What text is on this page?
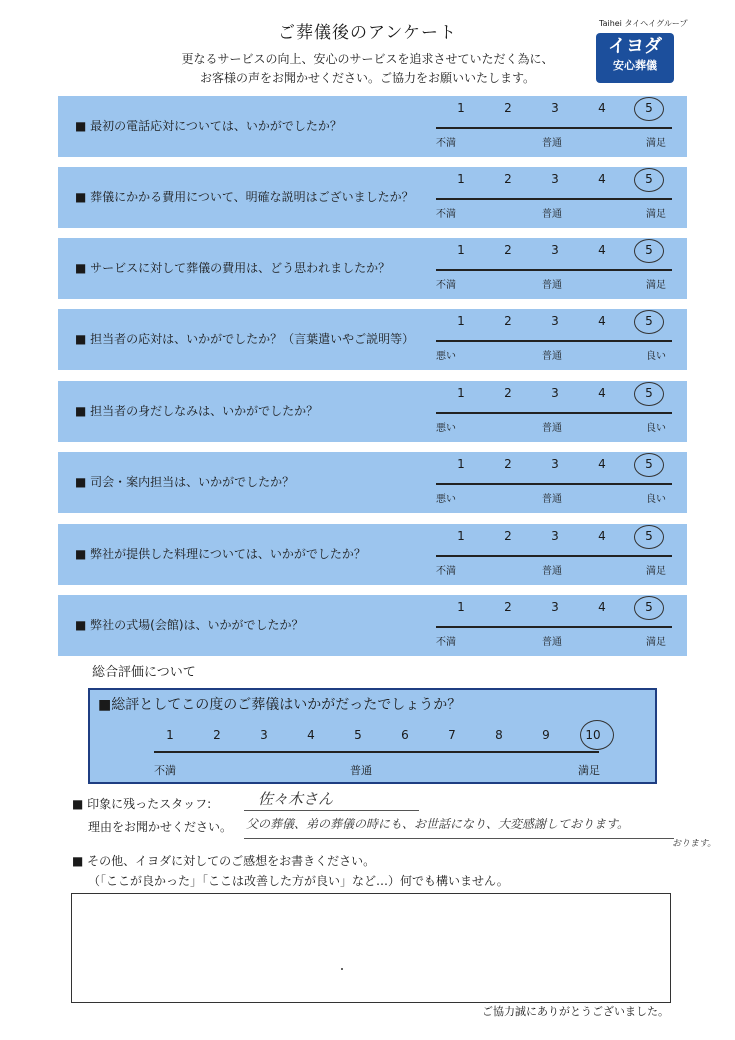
ご葬儀後のアンケート
更なるサービスの向上、安心のサービスを追求させていただく為に、
お客様の声をお聞かせください。ご協力をお願いいたします。
Taihei タイヘイグループ
イヨダ
安心葬儀
■ 最初の電話応対については、いかがでしたか？
1	2	3	4	5
不満	普通	満足
■ 葬儀にかかる費用について、明確な説明はございましたか？
1	2	3	4	5
不満	普通	満足
■ サービスに対して葬儀の費用は、どう思われましたか？
1	2	3	4	5
不満	普通	満足
■ 担当者の応対は、いかがでしたか？（言葉遣いやご説明等）
1	2	3	4	5
悪い	普通	良い
■ 担当者の身だしなみは、いかがでしたか？
1	2	3	4	5
悪い	普通	良い
■ 司会・案内担当は、いかがでしたか？
1	2	3	4	5
悪い	普通	良い
■ 弊社が提供した料理については、いかがでしたか？
1	2	3	4	5
不満	普通	満足
■ 弊社の式場(会館)は、いかがでしたか？
1	2	3	4	5
不満	普通	満足
総合評価について
■総評としてこの度のご葬儀はいかがだったでしょうか？
不満	普通	満足
1	2	3	4	5	6	7	8	9	10
■ 印象に残ったスタッフ:	佐々木さん
理由をお聞かせください。 父の葬儀、弟の葬儀の時にも、お世話になり、大変感謝しております。
おります。
■ その他、イヨダに対してのご感想をお書きください。
（「ここが良かった」「ここは改善した方が良い」など…）何でも構いません。
ご協力誠にありがとうございました。
